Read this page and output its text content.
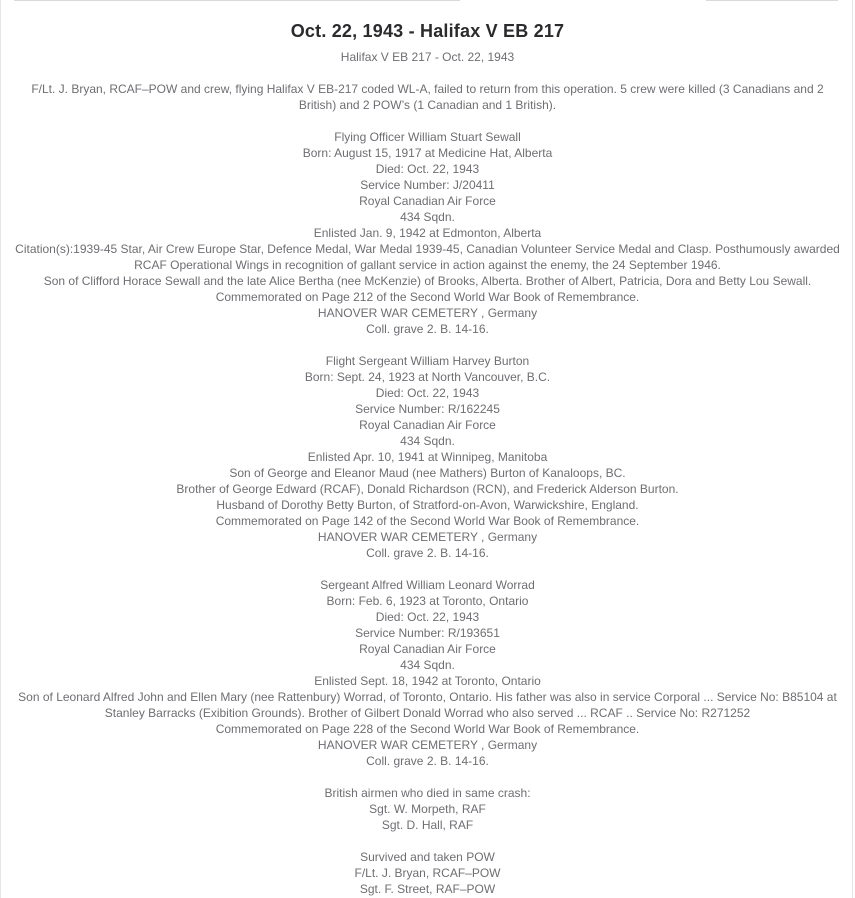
Oct. 22, 1943 - Halifax V EB 217
Halifax V EB 217 - Oct. 22, 1943
F/Lt. J. Bryan, RCAF–POW and crew, flying Halifax V EB-217 coded WL-A, failed to return from this operation. 5 crew were killed (3 Canadians and 2 British) and 2 POW’s (1 Canadian and 1 British).
Flying Officer William Stuart Sewall
Born: August 15, 1917 at Medicine Hat, Alberta
Died: Oct. 22, 1943
Service Number: J/20411
Royal Canadian Air Force
434 Sqdn.
Enlisted Jan. 9, 1942 at Edmonton, Alberta
Citation(s):1939-45 Star, Air Crew Europe Star, Defence Medal, War Medal 1939-45, Canadian Volunteer Service Medal and Clasp. Posthumously awarded RCAF Operational Wings in recognition of gallant service in action against the enemy, the 24 September 1946.
Son of Clifford Horace Sewall and the late Alice Bertha (nee McKenzie) of Brooks, Alberta. Brother of Albert, Patricia, Dora and Betty Lou Sewall.
Commemorated on Page 212 of the Second World War Book of Remembrance.
HANOVER WAR CEMETERY , Germany
Coll. grave 2. B. 14-16.
Flight Sergeant William Harvey Burton
Born: Sept. 24, 1923 at North Vancouver, B.C.
Died: Oct. 22, 1943
Service Number: R/162245
Royal Canadian Air Force
434 Sqdn.
Enlisted Apr. 10, 1941 at Winnipeg, Manitoba
Son of George and Eleanor Maud (nee Mathers) Burton of Kanaloops, BC.
Brother of George Edward (RCAF), Donald Richardson (RCN), and Frederick Alderson Burton.
Husband of Dorothy Betty Burton, of Stratford-on-Avon, Warwickshire, England.
Commemorated on Page 142 of the Second World War Book of Remembrance.
HANOVER WAR CEMETERY , Germany
Coll. grave 2. B. 14-16.
Sergeant Alfred William Leonard Worrad
Born: Feb. 6, 1923 at Toronto, Ontario
Died: Oct. 22, 1943
Service Number: R/193651
Royal Canadian Air Force
434 Sqdn.
Enlisted Sept. 18, 1942 at Toronto, Ontario
Son of Leonard Alfred John and Ellen Mary (nee Rattenbury) Worrad, of Toronto, Ontario. His father was also in service Corporal ... Service No: B85104 at Stanley Barracks (Exibition Grounds). Brother of Gilbert Donald Worrad who also served ... RCAF .. Service No: R271252
Commemorated on Page 228 of the Second World War Book of Remembrance.
HANOVER WAR CEMETERY , Germany
Coll. grave 2. B. 14-16.
British airmen who died in same crash:
Sgt. W. Morpeth, RAF
Sgt. D. Hall, RAF
Survived and taken POW
F/Lt. J. Bryan, RCAF–POW
Sgt. F. Street, RAF–POW
